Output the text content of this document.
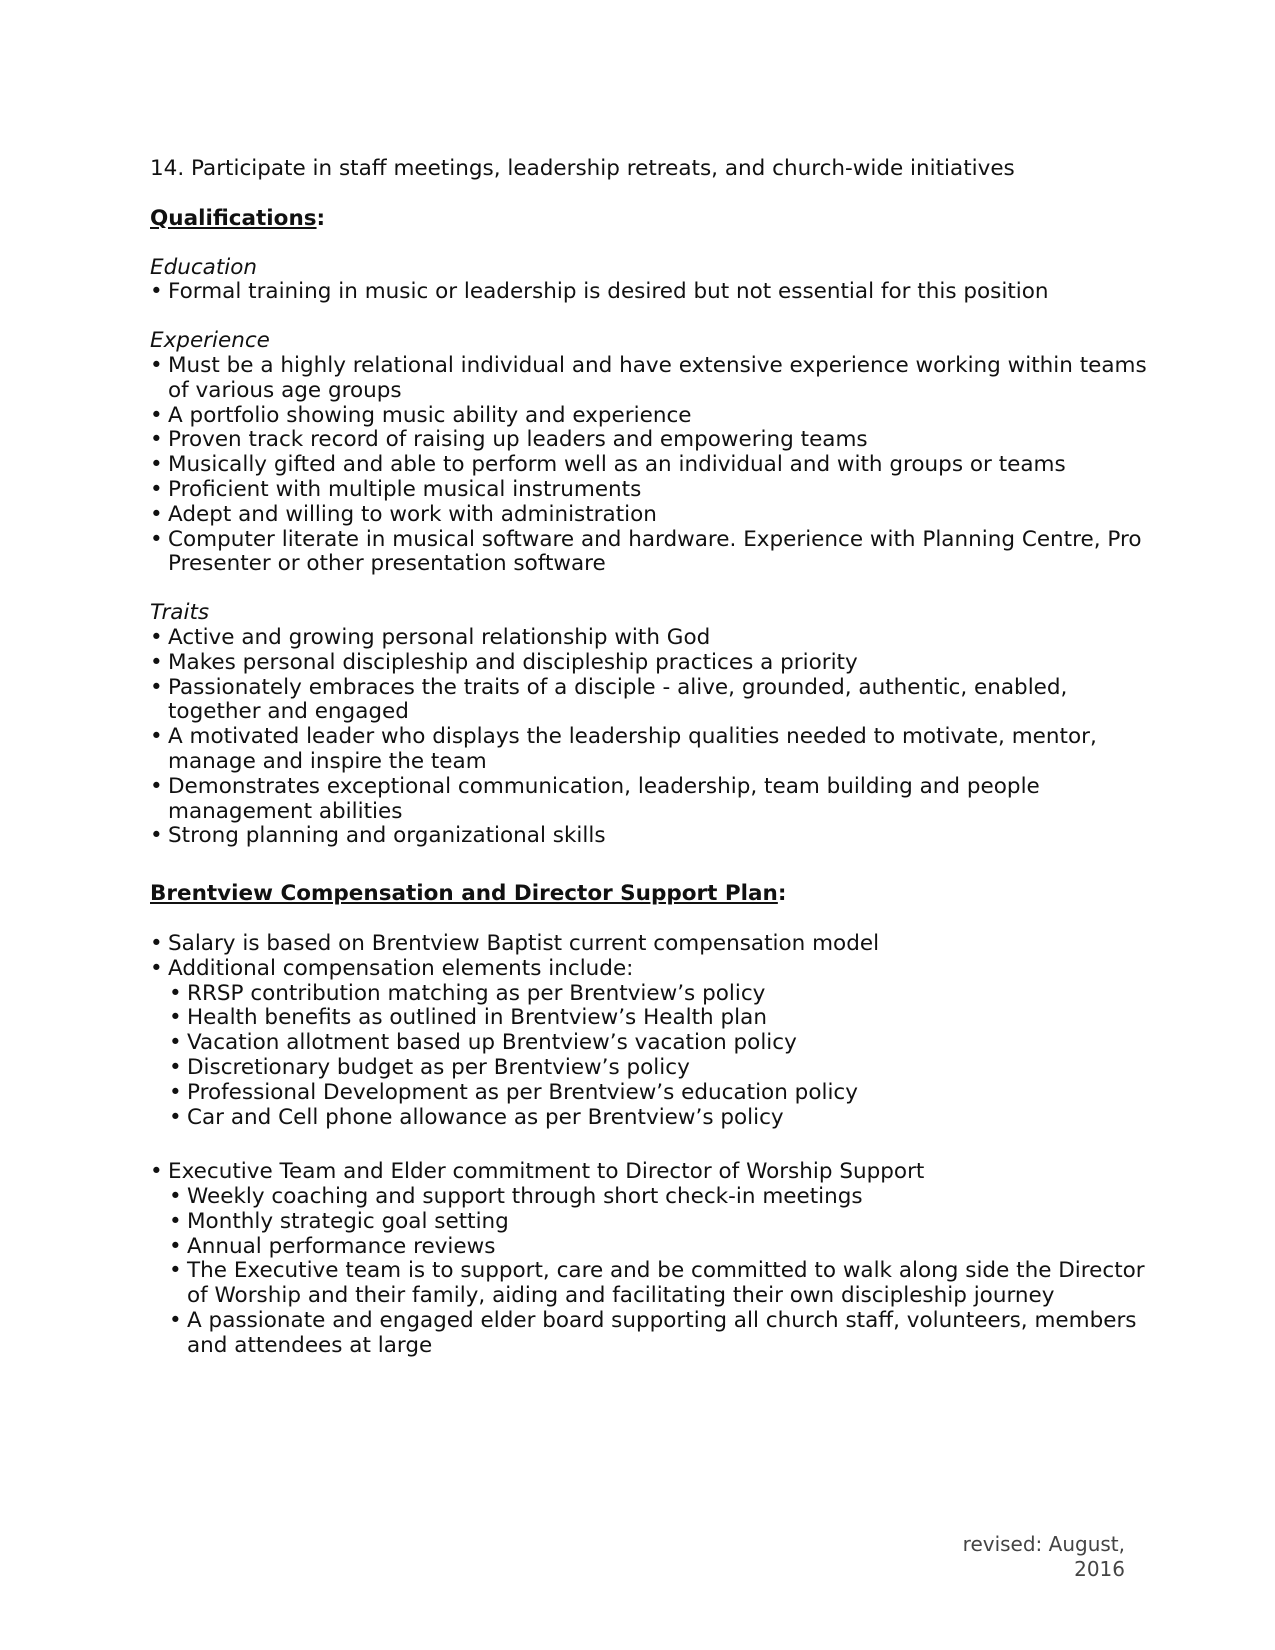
14. Participate in staff meetings, leadership retreats, and church-wide initiatives

Qualifications:

Education

• Formal training in music or leadership is desired but not essential for this position

Experience

• Must be a highly relational individual and have extensive experience working within teams of various age groups

• A portfolio showing music ability and experience

• Proven track record of raising up leaders and empowering teams

• Musically gifted and able to perform well as an individual and with groups or teams

• Proficient with multiple musical instruments

• Adept and willing to work with administration

• Computer literate in musical software and hardware. Experience with Planning Centre, Pro Presenter or other presentation software

Traits

• Active and growing personal relationship with God

• Makes personal discipleship and discipleship practices a priority

• Passionately embraces the traits of a disciple - alive, grounded, authentic, enabled, together and engaged

• A motivated leader who displays the leadership qualities needed to motivate, mentor, manage and inspire the team

• Demonstrates exceptional communication, leadership, team building and people management abilities

• Strong planning and organizational skills

Brentview Compensation and Director Support Plan:

• Salary is based on Brentview Baptist current compensation model

• Additional compensation elements include:

• RRSP contribution matching as per Brentview’s policy

• Health benefits as outlined in Brentview’s Health plan

• Vacation allotment based up Brentview’s vacation policy

• Discretionary budget as per Brentview’s policy

• Professional Development as per Brentview’s education policy

• Car and Cell phone allowance as per Brentview’s policy

• Executive Team and Elder commitment to Director of Worship Support

• Weekly coaching and support through short check-in meetings

• Monthly strategic goal setting

• Annual performance reviews

• The Executive team is to support, care and be committed to walk along side the Director of Worship and their family, aiding and facilitating their own discipleship journey

• A passionate and engaged elder board supporting all church staff, volunteers, members and attendees at large

revised: August, 2016
